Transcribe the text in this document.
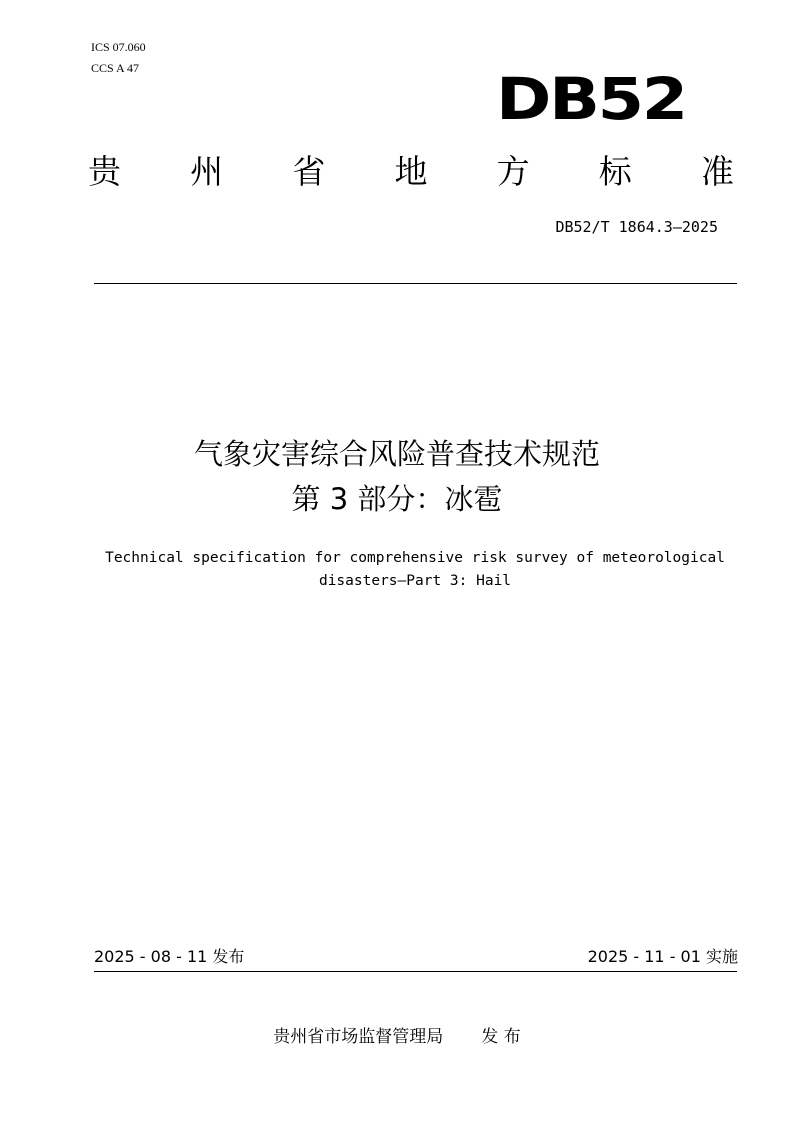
ICS 07.060
CCS A 47	DB52
贵 州 省 地 方 标 准
DB52/T 1864.3—2025
气象灾害综合风险普查技术规范
第 3 部分：冰雹
Technical specification for comprehensive risk survey of meteorological
disasters—Part 3: Hail
2025 - 08 - 11 发布	2025 - 11 - 01 实施
贵州省市场监督管理局 发 布
